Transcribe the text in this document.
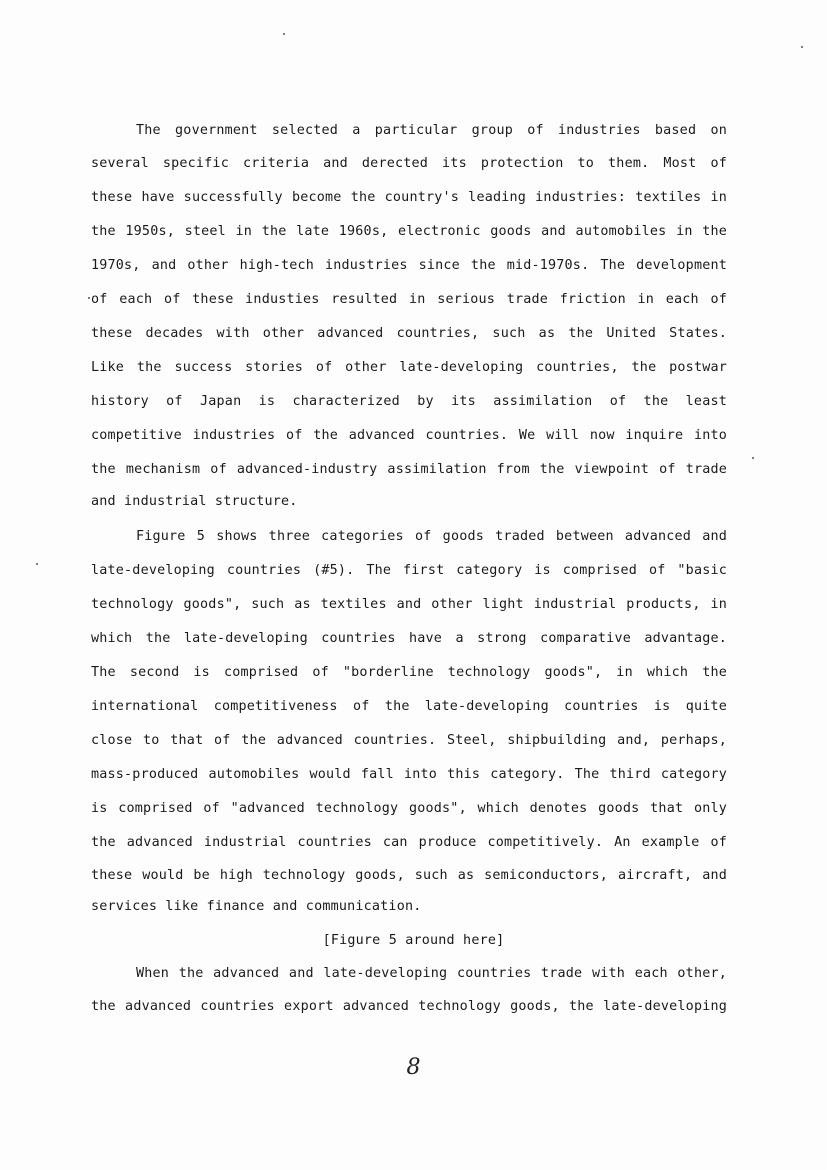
The government selected a particular group of industries based on
several specific criteria and derected its protection to them. Most of
these have successfully become the country's leading industries: textiles in
the 1950s, steel in the late 1960s, electronic goods and automobiles in the
1970s, and other high-tech industries since the mid-1970s. The development
of each of these industies resulted in serious trade friction in each of
these decades with other advanced countries, such as the United States.
Like the success stories of other late-developing countries, the postwar
history of Japan is characterized by its assimilation of the least
competitive industries of the advanced countries. We will now inquire into
the mechanism of advanced-industry assimilation from the viewpoint of trade
and industrial structure.
Figure 5 shows three categories of goods traded between advanced and
late-developing countries (#5). The first category is comprised of "basic
technology goods", such as textiles and other light industrial products, in
which the late-developing countries have a strong comparative advantage.
The second is comprised of "borderline technology goods", in which the
international competitiveness of the late-developing countries is quite
close to that of the advanced countries. Steel, shipbuilding and, perhaps,
mass-produced automobiles would fall into this category. The third category
is comprised of "advanced technology goods", which denotes goods that only
the advanced industrial countries can produce competitively. An example of
these would be high technology goods, such as semiconductors, aircraft, and
services like finance and communication.
[Figure 5 around here]
When the advanced and late-developing countries trade with each other,
the advanced countries export advanced technology goods, the late-developing
8
